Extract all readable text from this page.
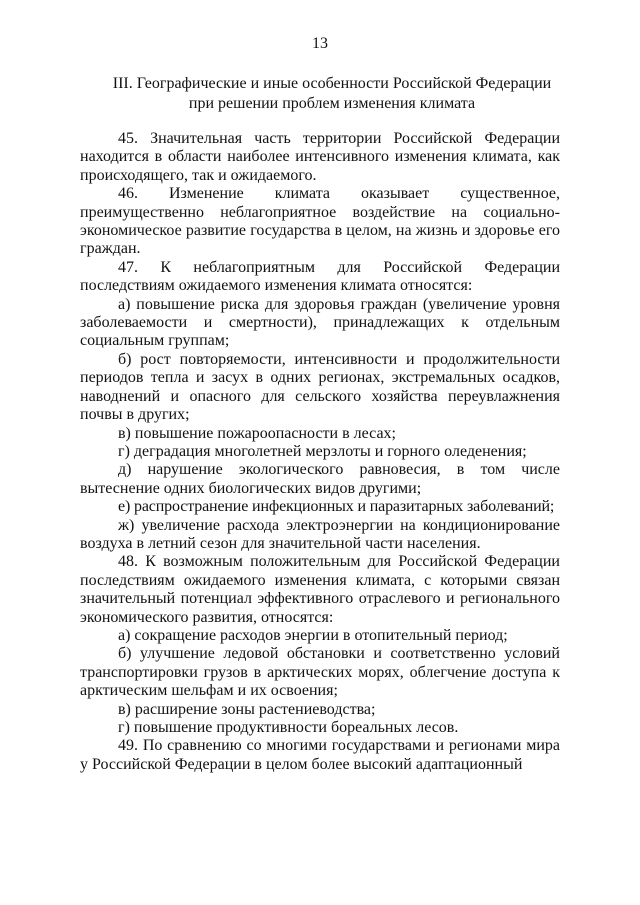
13
III. Географические и иные особенности Российской Федерации
при решении проблем изменения климата

45. Значительная часть территории Российской Федерации находится в области наиболее интенсивного изменения климата, как происходящего, так и ожидаемого.

46. Изменение климата оказывает существенное, преимущественно неблагоприятное воздействие на социально-экономическое развитие государства в целом, на жизнь и здоровье его граждан.

47. К неблагоприятным для Российской Федерации последствиям ожидаемого изменения климата относятся:

а) повышение риска для здоровья граждан (увеличение уровня заболеваемости и смертности), принадлежащих к отдельным социальным группам;

б) рост повторяемости, интенсивности и продолжительности периодов тепла и засух в одних регионах, экстремальных осадков, наводнений и опасного для сельского хозяйства переувлажнения почвы в других;

в) повышение пожароопасности в лесах;

г) деградация многолетней мерзлоты и горного оледенения;

д) нарушение экологического равновесия, в том числе вытеснение одних биологических видов другими;

е) распространение инфекционных и паразитарных заболеваний;

ж) увеличение расхода электроэнергии на кондиционирование воздуха в летний сезон для значительной части населения.

48. К возможным положительным для Российской Федерации последствиям ожидаемого изменения климата, с которыми связан значительный потенциал эффективного отраслевого и регионального экономического развития, относятся:

а) сокращение расходов энергии в отопительный период;

б) улучшение ледовой обстановки и соответственно условий транспортировки грузов в арктических морях, облегчение доступа к арктическим шельфам и их освоения;

в) расширение зоны растениеводства;

г) повышение продуктивности бореальных лесов.

49. По сравнению со многими государствами и регионами мира у Российской Федерации в целом более высокий адаптационный
